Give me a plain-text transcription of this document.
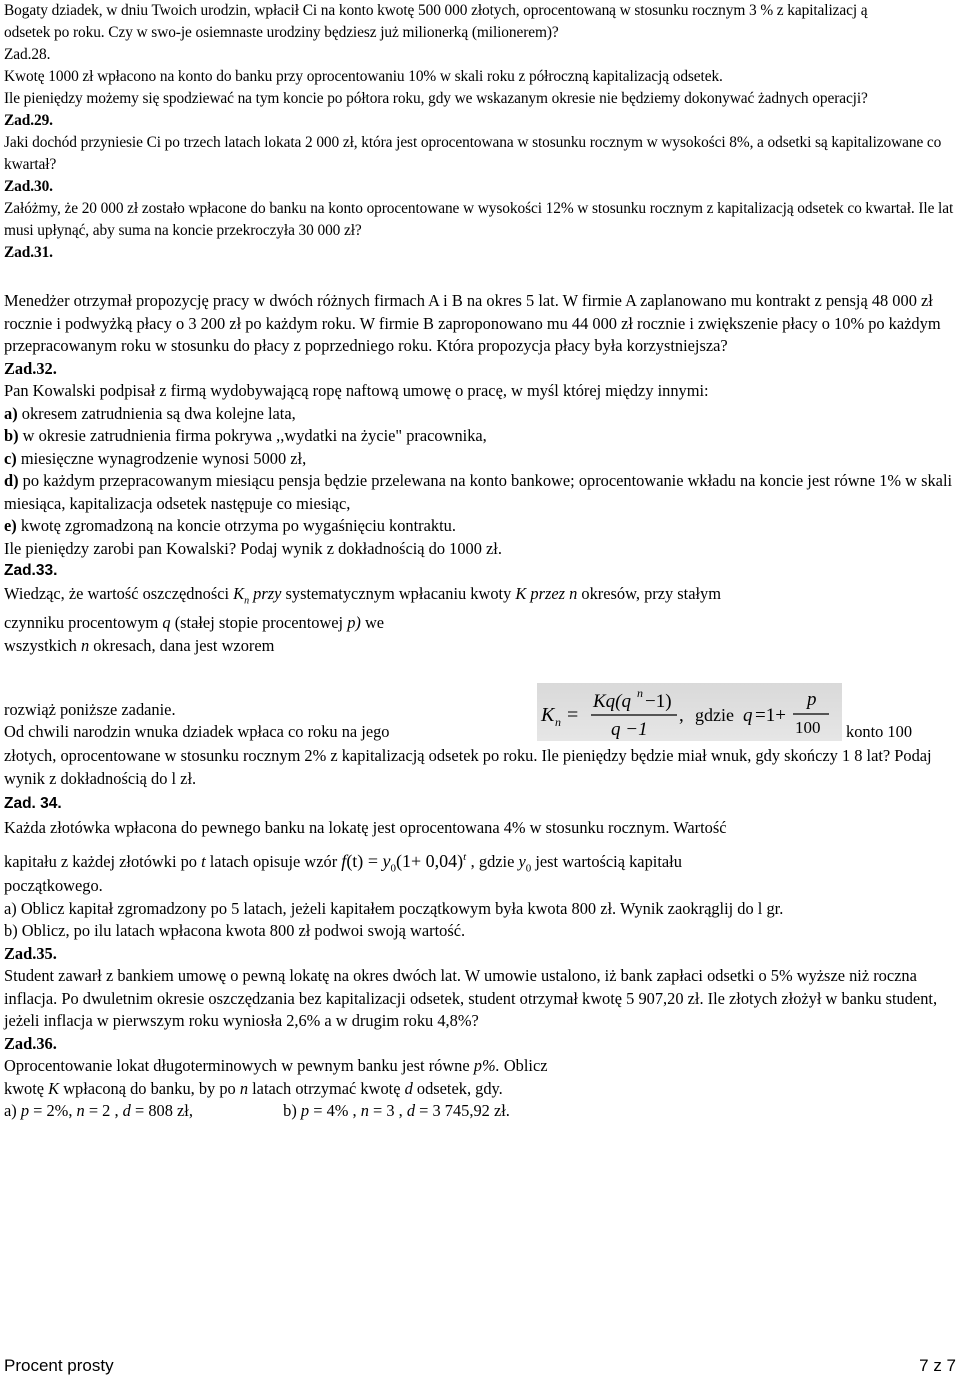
Bogaty dziadek, w dniu Twoich urodzin, wpłacił Ci na konto kwotę 500 000 złotych, oprocentowaną w stosunku rocznym 3 % z kapitalizacj ą odsetek po roku. Czy w swo-je osiemnaste urodziny będziesz już milionerką (milionerem)?

Zad.28.

Kwotę 1000 zł wpłacono na konto do banku przy oprocentowaniu 10% w skali roku z półroczną kapitalizacją odsetek.

Ile pieniędzy możemy się spodziewać na tym koncie po półtora roku, gdy we wskazanym okresie nie będziemy dokonywać żadnych operacji?

Zad.29.

Jaki dochód przyniesie Ci po trzech latach lokata 2 000 zł, która jest oprocentowana w stosunku rocznym w wysokości 8%, a odsetki są kapitalizowane co kwartał?

Zad.30.

Załóżmy, że 20 000 zł zostało wpłacone do banku na konto oprocentowane w wysokości 12% w stosunku rocznym z kapitalizacją odsetek co kwartał. Ile lat musi upłynąć, aby suma na koncie przekroczyła 30 000 zł?

Zad.31.

Menedżer otrzymał propozycję pracy w dwóch różnych firmach A i B na okres 5 lat. W firmie A zaplanowano mu kontrakt z pensją 48 000 zł rocznie i podwyżką płacy o 3 200 zł po każdym roku. W firmie B zaproponowano mu 44 000 zł rocznie i zwiększenie płacy o 10% po każdym przepracowanym roku w stosunku do płacy z poprzedniego roku. Która propozycja płacy była korzystniejsza?

Zad.32.

Pan Kowalski podpisał z firmą wydobywającą ropę naftową umowę o pracę, w myśl której między innymi:

a) okresem zatrudnienia są dwa kolejne lata,

b) w okresie zatrudnienia firma pokrywa ,,wydatki na życie" pracownika,

c) miesięczne wynagrodzenie wynosi 5000 zł,

d) po każdym przepracowanym miesiącu pensja będzie przelewana na konto bankowe; oprocentowanie wkładu na koncie jest równe 1% w skali miesiąca, kapitalizacja odsetek następuje co miesiąc,

e) kwotę zgromadzoną na koncie otrzyma po wygaśnięciu kontraktu.

Ile pieniędzy zarobi pan Kowalski? Podaj wynik z dokładnością do 1000 zł.

Zad.33.

Wiedząc, że wartość oszczędności $K_n$ przy systematycznym wpłacaniu kwoty K przez n okresów, przy stałym

czynniku procentowym q (stałej stopie procentowej p) we

wszystkich n okresach, dana jest wzorem

rozwiąż poniższe zadanie.

Od chwili narodzin wnuka dziadek wpłaca co roku na jego	konto 100

złotych, oprocentowane w stosunku rocznym 2% z kapitalizacją odsetek po roku. Ile pieniędzy będzie miał wnuk, gdy skończy 1 8 lat? Podaj wynik z dokładnością do l zł.

Zad. 34.

Każda złotówka wpłacona do pewnego banku na lokatę jest oprocentowana 4% w stosunku rocznym. Wartość

kapitału z każdej złotówki po t latach opisuje wzór $f(t) = y_0(1+ 0,04)^t$ , gdzie $y_0$ jest wartością kapitału

początkowego.

a) Oblicz kapitał zgromadzony po 5 latach, jeżeli kapitałem początkowym była kwota 800 zł. Wynik zaokrąglij do l gr.

b) Oblicz, po ilu latach wpłacona kwota 800 zł podwoi swoją wartość.

Zad.35.

Student zawarł z bankiem umowę o pewną lokatę na okres dwóch lat. W umowie ustalono, iż bank zapłaci odsetki o 5% wyższe niż roczna inflacja. Po dwuletnim okresie oszczędzania bez kapitalizacji odsetek, student otrzymał kwotę 5 907,20 zł. Ile złotych złożył w banku student, jeżeli inflacja w pierwszym roku wyniosła 2,6% a w drugim roku 4,8%?

Zad.36.

Oprocentowanie lokat długoterminowych w pewnym banku jest równe p%. Oblicz

kwotę K wpłaconą do banku, by po n latach otrzymać kwotę d odsetek, gdy.

a) p = 2%, n = 2 , d = 808 zł,	b) p = 4% , n = 3 , d = 3 745,92 zł.

K n =
Kq(q n −1)
q −1
, gdzie q =1+
p
100
Procent prosty	7 z 7
